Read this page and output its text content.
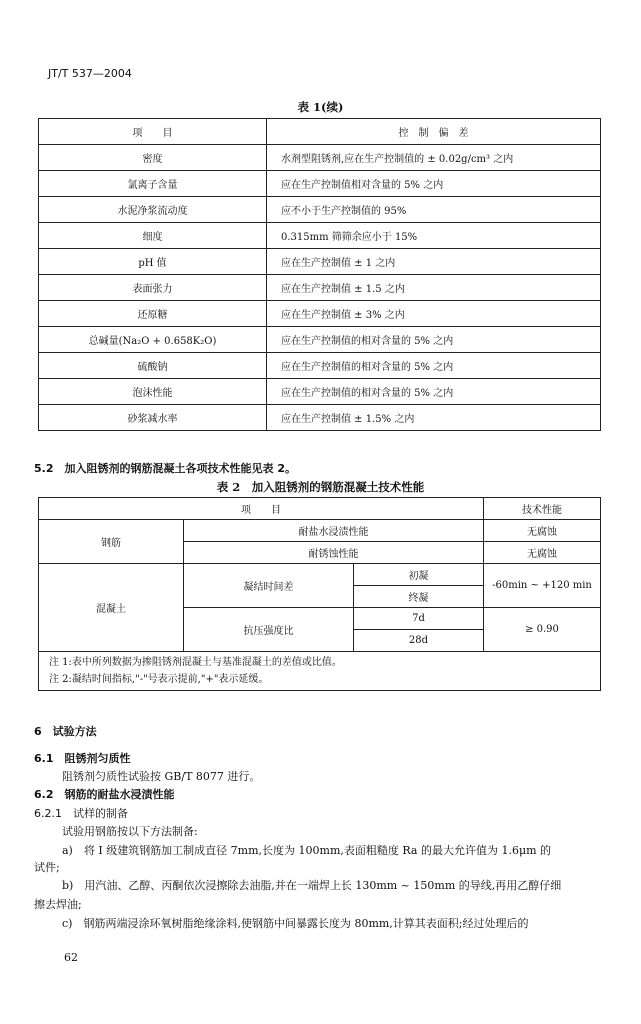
JT/T 537—2004
表 1(续)
项　　目	控　制　偏　差
密度	水剂型阻锈剂,应在生产控制值的 ± 0.02g/cm³ 之内
氯离子含量	应在生产控制值相对含量的 5% 之内
水泥净浆流动度	应不小于生产控制值的 95%
细度	0.315mm 筛筛余应小于 15%
pH 值	应在生产控制值 ± 1 之内
表面张力	应在生产控制值 ± 1.5 之内
还原糖	应在生产控制值 ± 3% 之内
总碱量(Na₂O + 0.658K₂O)	应在生产控制值的相对含量的 5% 之内
硫酸钠	应在生产控制值的相对含量的 5% 之内
泡沫性能	应在生产控制值的相对含量的 5% 之内
砂浆减水率	应在生产控制值 ± 1.5% 之内
5.2　加入阻锈剂的钢筋混凝土各项技术性能见表 2。
表 2　加入阻锈剂的钢筋混凝土技术性能
项　　目			技术性能
钢筋	耐盐水浸渍性能		无腐蚀
	耐锈蚀性能		无腐蚀
混凝土	凝结时间差	初凝	-60min ~ +120 min
		终凝	
	抗压强度比	7d	≥ 0.90
		28d	

注 1:表中所列数据为掺阻锈剂混凝土与基准混凝土的差值或比值。
注 2:凝结时间指标,"-"号表示提前,"+"表示延缓。			
6　试验方法
6.1　阻锈剂匀质性
阻锈剂匀质性试验按 GB/T 8077 进行。
6.2　钢筋的耐盐水浸渍性能
6.2.1　试样的制备
试验用钢筋按以下方法制备:
a)　将 I 级建筑钢筋加工制成直径 7mm,长度为 100mm,表面粗糙度 Ra 的最大允许值为 1.6μm 的
试件;
b)　用汽油、乙醇、丙酮依次浸擦除去油脂,并在一端焊上长 130mm ~ 150mm 的导线,再用乙醇仔细
擦去焊油;
c)　钢筋两端浸涂环氧树脂绝缘涂料,使钢筋中间暴露长度为 80mm,计算其表面积;经过处理后的
62
